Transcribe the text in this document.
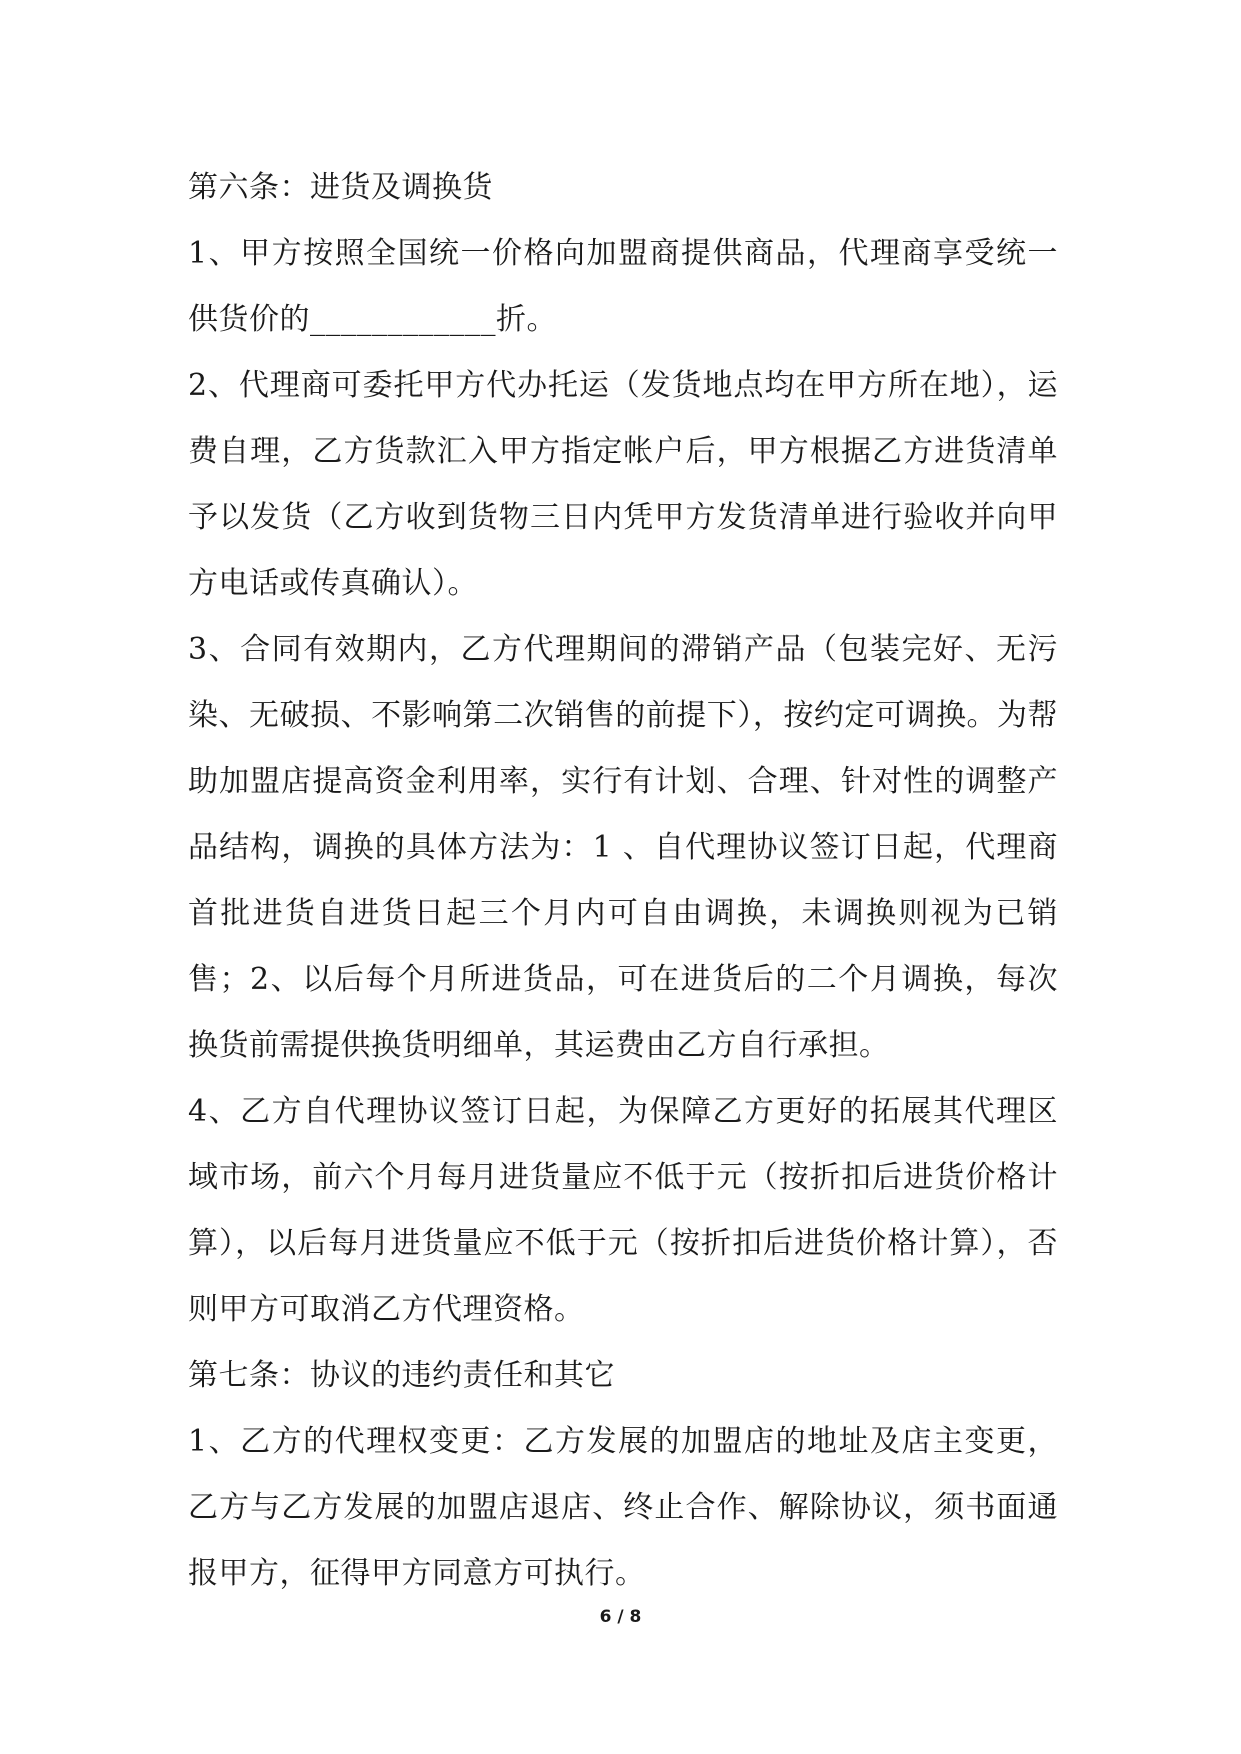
第六条：进货及调换货

1、甲方按照全国统一价格向加盟商提供商品，代理商享受统一供货价的____________折。

2、代理商可委托甲方代办托运（发货地点均在甲方所在地），运费自理，乙方货款汇入甲方指定帐户后，甲方根据乙方进货清单予以发货（乙方收到货物三日内凭甲方发货清单进行验收并向甲方电话或传真确认）。

3、合同有效期内，乙方代理期间的滞销产品（包装完好、无污染、无破损、不影响第二次销售的前提下），按约定可调换。为帮助加盟店提高资金利用率，实行有计划、合理、针对性的调整产品结构，调换的具体方法为：1 、自代理协议签订日起，代理商首批进货自进货日起三个月内可自由调换，未调换则视为已销售；2、以后每个月所进货品，可在进货后的二个月调换，每次换货前需提供换货明细单，其运费由乙方自行承担。

4、乙方自代理协议签订日起，为保障乙方更好的拓展其代理区域市场，前六个月每月进货量应不低于元（按折扣后进货价格计算），以后每月进货量应不低于元（按折扣后进货价格计算），否则甲方可取消乙方代理资格。

第七条：协议的违约责任和其它

1、乙方的代理权变更：乙方发展的加盟店的地址及店主变更，乙方与乙方发展的加盟店退店、终止合作、解除协议，须书面通报甲方，征得甲方同意方可执行。

6 / 8
